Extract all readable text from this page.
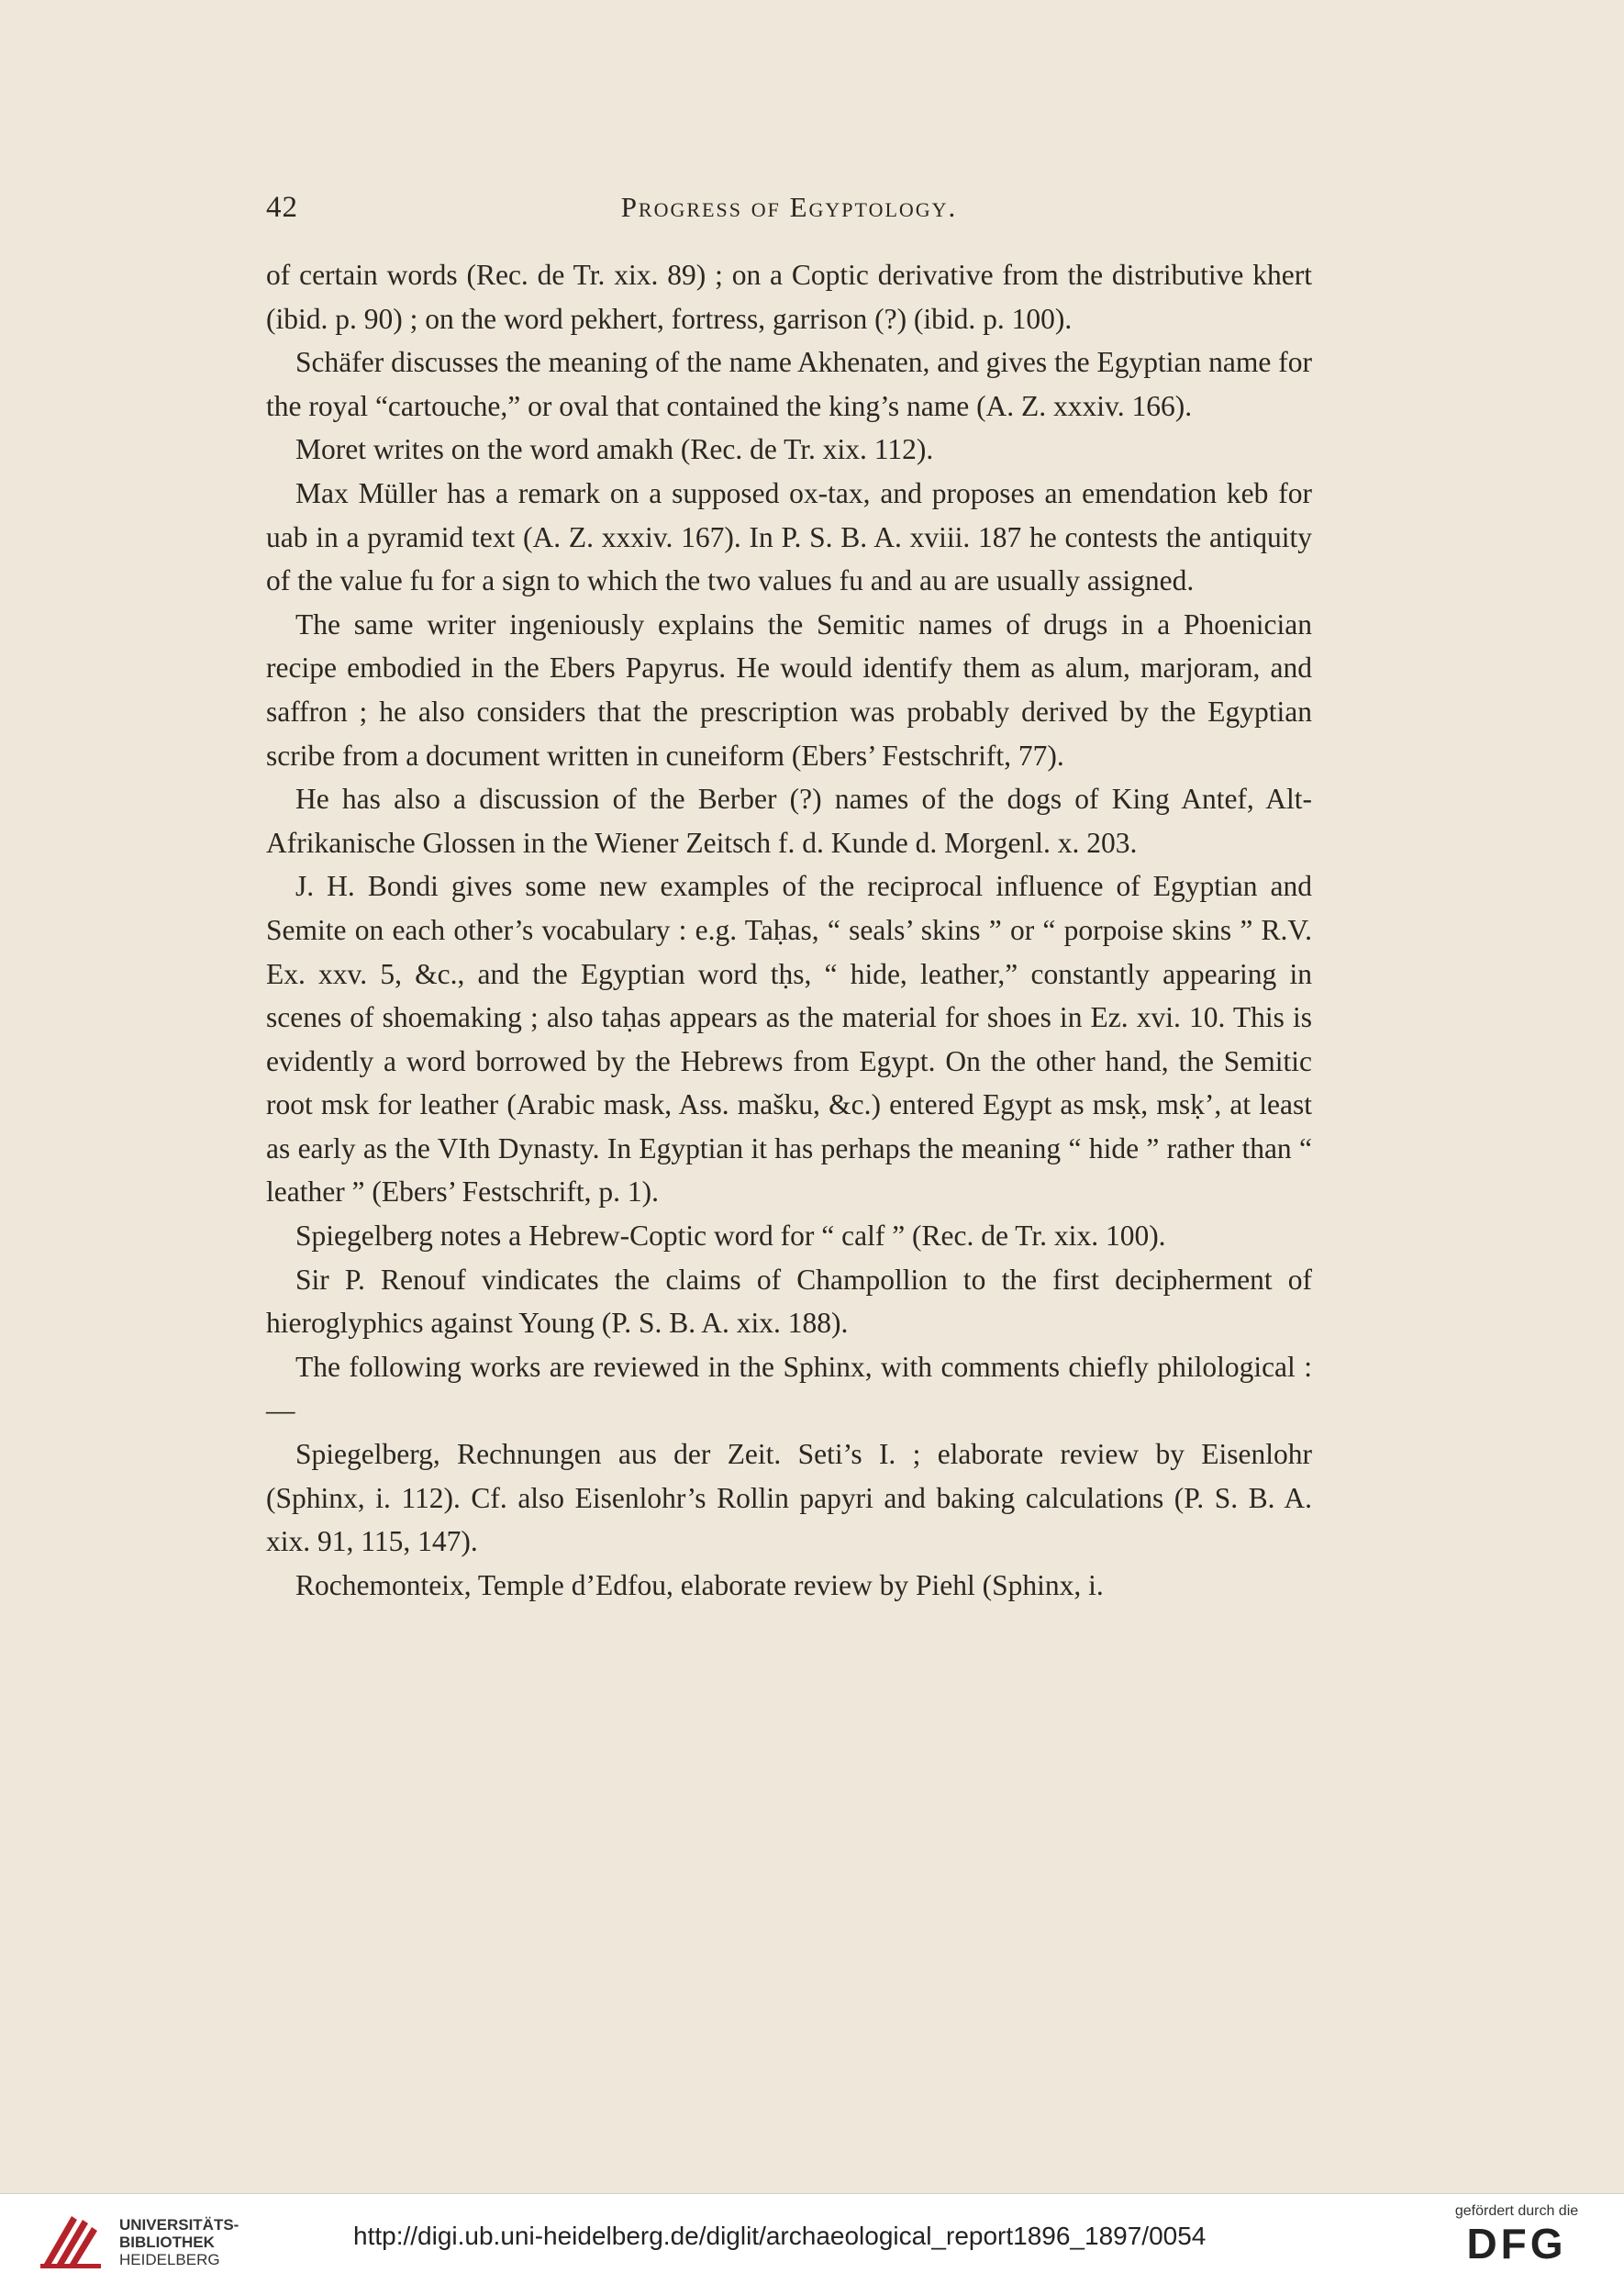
42	Progress of Egyptology.

of certain words (Rec. de Tr. xix. 89) ; on a Coptic derivative from the distributive khert (ibid. p. 90) ; on the word pekhert, fortress, garrison (?) (ibid. p. 100).

Schäfer discusses the meaning of the name Akhenaten, and gives the Egyptian name for the royal “cartouche,” or oval that contained the king’s name (A. Z. xxxiv. 166).

Moret writes on the word amakh (Rec. de Tr. xix. 112).

Max Müller has a remark on a supposed ox-tax, and proposes an emendation keb for uab in a pyramid text (A. Z. xxxiv. 167). In P. S. B. A. xviii. 187 he contests the antiquity of the value fu for a sign to which the two values fu and au are usually assigned.

The same writer ingeniously explains the Semitic names of drugs in a Phoenician recipe embodied in the Ebers Papyrus. He would identify them as alum, marjoram, and saffron ; he also considers that the prescription was probably derived by the Egyptian scribe from a document written in cuneiform (Ebers’ Festschrift, 77).

He has also a discussion of the Berber (?) names of the dogs of King Antef, Alt-Afrikanische Glossen in the Wiener Zeitsch f. d. Kunde d. Morgenl. x. 203.

J. H. Bondi gives some new examples of the reciprocal influence of Egyptian and Semite on each other’s vocabulary : e.g. Taḥas, “ seals’ skins ” or “ porpoise skins ” R.V. Ex. xxv. 5, &c., and the Egyptian word tḥs, “ hide, leather,” constantly appearing in scenes of shoemaking ; also taḥas appears as the material for shoes in Ez. xvi. 10. This is evidently a word borrowed by the Hebrews from Egypt. On the other hand, the Semitic root msk for leather (Arabic mask, Ass. mašku, &c.) entered Egypt as msḳ, msḳ’, at least as early as the VIth Dynasty. In Egyptian it has perhaps the meaning “ hide ” rather than “ leather ” (Ebers’ Festschrift, p. 1).

Spiegelberg notes a Hebrew-Coptic word for “ calf ” (Rec. de Tr. xix. 100).

Sir P. Renouf vindicates the claims of Champollion to the first decipherment of hieroglyphics against Young (P. S. B. A. xix. 188).

The following works are reviewed in the Sphinx, with comments chiefly philological :—

Spiegelberg, Rechnungen aus der Zeit. Seti’s I. ; elaborate review by Eisenlohr (Sphinx, i. 112). Cf. also Eisenlohr’s Rollin papyri and baking calculations (P. S. B. A. xix. 91, 115, 147).

Rochemonteix, Temple d’Edfou, elaborate review by Piehl (Sphinx, i.

UNIVERSITÄTS-
BIBLIOTHEK
HEIDELBERG
http://digi.ub.uni-heidelberg.de/diglit/archaeological_report1896_1897/0054
gefördert durch die
DFG
